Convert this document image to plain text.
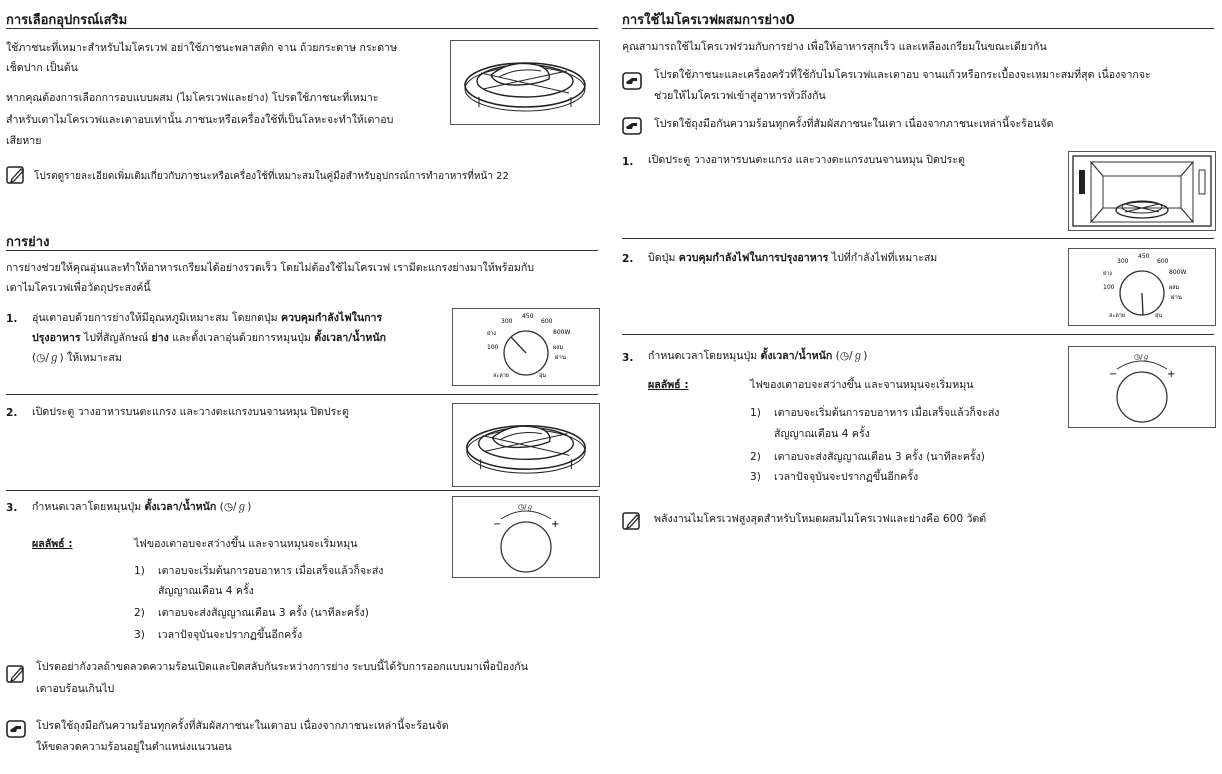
การเลือกอุปกรณ์เสริม
ใช้ภาชนะที่เหมาะสำหรับไมโครเวฟ อย่าใช้ภาชนะพลาสติก จาน ถ้วยกระดาษ กระดาษ
เช็ดปาก เป็นต้น
หากคุณต้องการเลือกการอบแบบผสม (ไมโครเวฟและย่าง) โปรดใช้ภาชนะที่เหมาะ
สำหรับเตาไมโครเวฟและเตาอบเท่านั้น ภาชนะหรือเครื่องใช้ที่เป็นโลหะจะทำให้เตาอบ
เสียหาย
โปรดดูรายละเอียดเพิ่มเติมเกี่ยวกับภาชนะหรือเครื่องใช้ที่เหมาะสมในคู่มือสำหรับอุปกรณ์การทำอาหารที่หน้า 22
การย่าง
การย่างช่วยให้คุณอุ่นและทำให้อาหารเกรียมได้อย่างรวดเร็ว โดยไม่ต้องใช้ไมโครเวฟ เรามีตะแกรงย่างมาให้พร้อมกับ
เตาไมโครเวฟเพื่อวัตถุประสงค์นี้
1. อุ่นเตาอบด้วยการย่างให้มีอุณหภูมิเหมาะสม โดยกดปุ่ม ควบคุมกำลังไฟในการ
ปรุงอาหาร ไปที่สัญลักษณ์ ย่าง และตั้งเวลาอุ่นด้วยการหมุนปุ่ม ตั้งเวลา/น้ำหนัก
(◷/ℊ) ให้เหมาะสม
300
450
600
800W
100
ผ่าน
ย่าง
ละลาย	อุ่น
ผสม
2. เปิดประตู วางอาหารบนตะแกรง และวางตะแกรงบนจานหมุน ปิดประตู
3. กำหนดเวลาโดยหมุนปุ่ม ตั้งเวลา/น้ำหนัก (◷/ℊ)	◷/ℊ
−	+
ผลลัพธ์ :	ไฟของเตาอบจะสว่างขึ้น และจานหมุนจะเริ่มหมุน
1) เตาอบจะเริ่มต้นการอบอาหาร เมื่อเสร็จแล้วก็จะส่ง
สัญญาณเตือน 4 ครั้ง
2) เตาอบจะส่งสัญญาณเตือน 3 ครั้ง (นาทีละครั้ง)
3) เวลาปัจจุบันจะปรากฏขึ้นอีกครั้ง
โปรดอย่ากังวลถ้าขดลวดความร้อนเปิดและปิดสลับกันระหว่างการย่าง ระบบนี้ได้รับการออกแบบมาเพื่อป้องกัน
เตาอบร้อนเกินไป
โปรดใช้ถุงมือกันความร้อนทุกครั้งที่สัมผัสภาชนะในเตาอบ เนื่องจากภาชนะเหล่านี้จะร้อนจัด
ให้ขดลวดความร้อนอยู่ในตำแหน่งแนวนอน
การใช้ไมโครเวฟผสมการย่าง0
คุณสามารถใช้ไมโครเวฟร่วมกับการย่าง เพื่อให้อาหารสุกเร็ว และเหลืองเกรียมในขณะเดียวกัน
โปรดใช้ภาชนะและเครื่องครัวที่ใช้กับไมโครเวฟและเตาอบ จานแก้วหรือกระเบื้องจะเหมาะสมที่สุด เนื่องจากจะ
ช่วยให้ไมโครเวฟเข้าสู่อาหารทั่วถึงกัน
โปรดใช้ถุงมือกันความร้อนทุกครั้งที่สัมผัสภาชนะในเตา เนื่องจากภาชนะเหล่านี้จะร้อนจัด
1. เปิดประตู วางอาหารบนตะแกรง และวางตะแกรงบนจานหมุน ปิดประตู
2. บิดปุ่ม ควบคุมกำลังไฟในการปรุงอาหาร ไปที่กำลังไฟที่เหมาะสม	300
450
600
800W
100
ผ่าน
ย่าง
ละลาย	อุ่น
ผสม
3. กำหนดเวลาโดยหมุนปุ่ม ตั้งเวลา/น้ำหนัก (◷/ℊ)	◷/ℊ
−	+
ผลลัพธ์ :	ไฟของเตาอบจะสว่างขึ้น และจานหมุนจะเริ่มหมุน
1) เตาอบจะเริ่มต้นการอบอาหาร เมื่อเสร็จแล้วก็จะส่ง
สัญญาณเตือน 4 ครั้ง
2) เตาอบจะส่งสัญญาณเตือน 3 ครั้ง (นาทีละครั้ง)
3) เวลาปัจจุบันจะปรากฏขึ้นอีกครั้ง
พลังงานไมโครเวฟสูงสุดสำหรับโหมดผสมไมโครเวฟและย่างคือ 600 วัตต์
